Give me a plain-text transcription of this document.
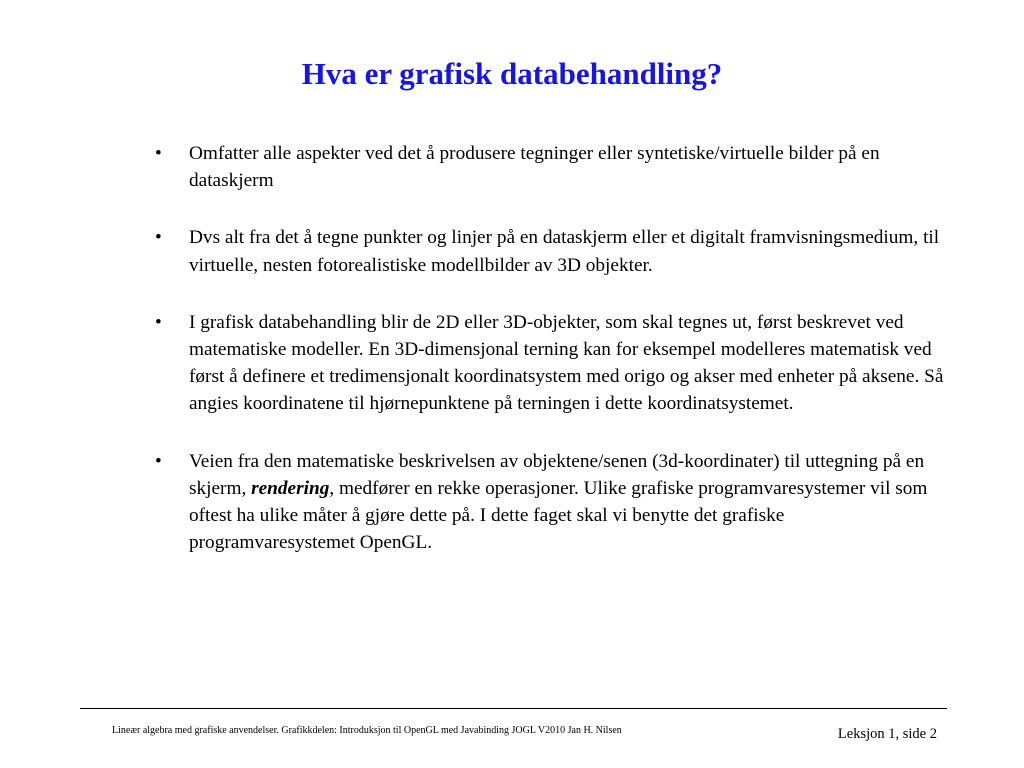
Hva er grafisk databehandling?
• Omfatter alle aspekter ved det å produsere tegninger eller syntetiske/virtuelle bilder på en dataskjerm
• Dvs alt fra det å tegne punkter og linjer på en dataskjerm eller et digitalt framvisningsmedium, til virtuelle, nesten fotorealistiske modellbilder av 3D objekter.
• I grafisk databehandling blir de 2D eller 3D-objekter, som skal tegnes ut, først beskrevet ved matematiske modeller. En 3D-dimensjonal terning kan for eksempel modelleres matematisk ved først å definere et tredimensjonalt koordinatsystem med origo og akser med enheter på aksene. Så angies koordinatene til hjørnepunktene på terningen i dette koordinatsystemet.
• Veien fra den matematiske beskrivelsen av objektene/senen (3d-koordinater) til uttegning på en skjerm, rendering, medfører en rekke operasjoner. Ulike grafiske programvaresystemer vil som oftest ha ulike måter å gjøre dette på. I dette faget skal vi benytte det grafiske programvaresystemet OpenGL.
Lineær algebra med grafiske anvendelser. Grafikkdelen: Introduksjon til OpenGL med Javabinding JOGL V2010 Jan H. Nilsen	Leksjon 1, side 2
